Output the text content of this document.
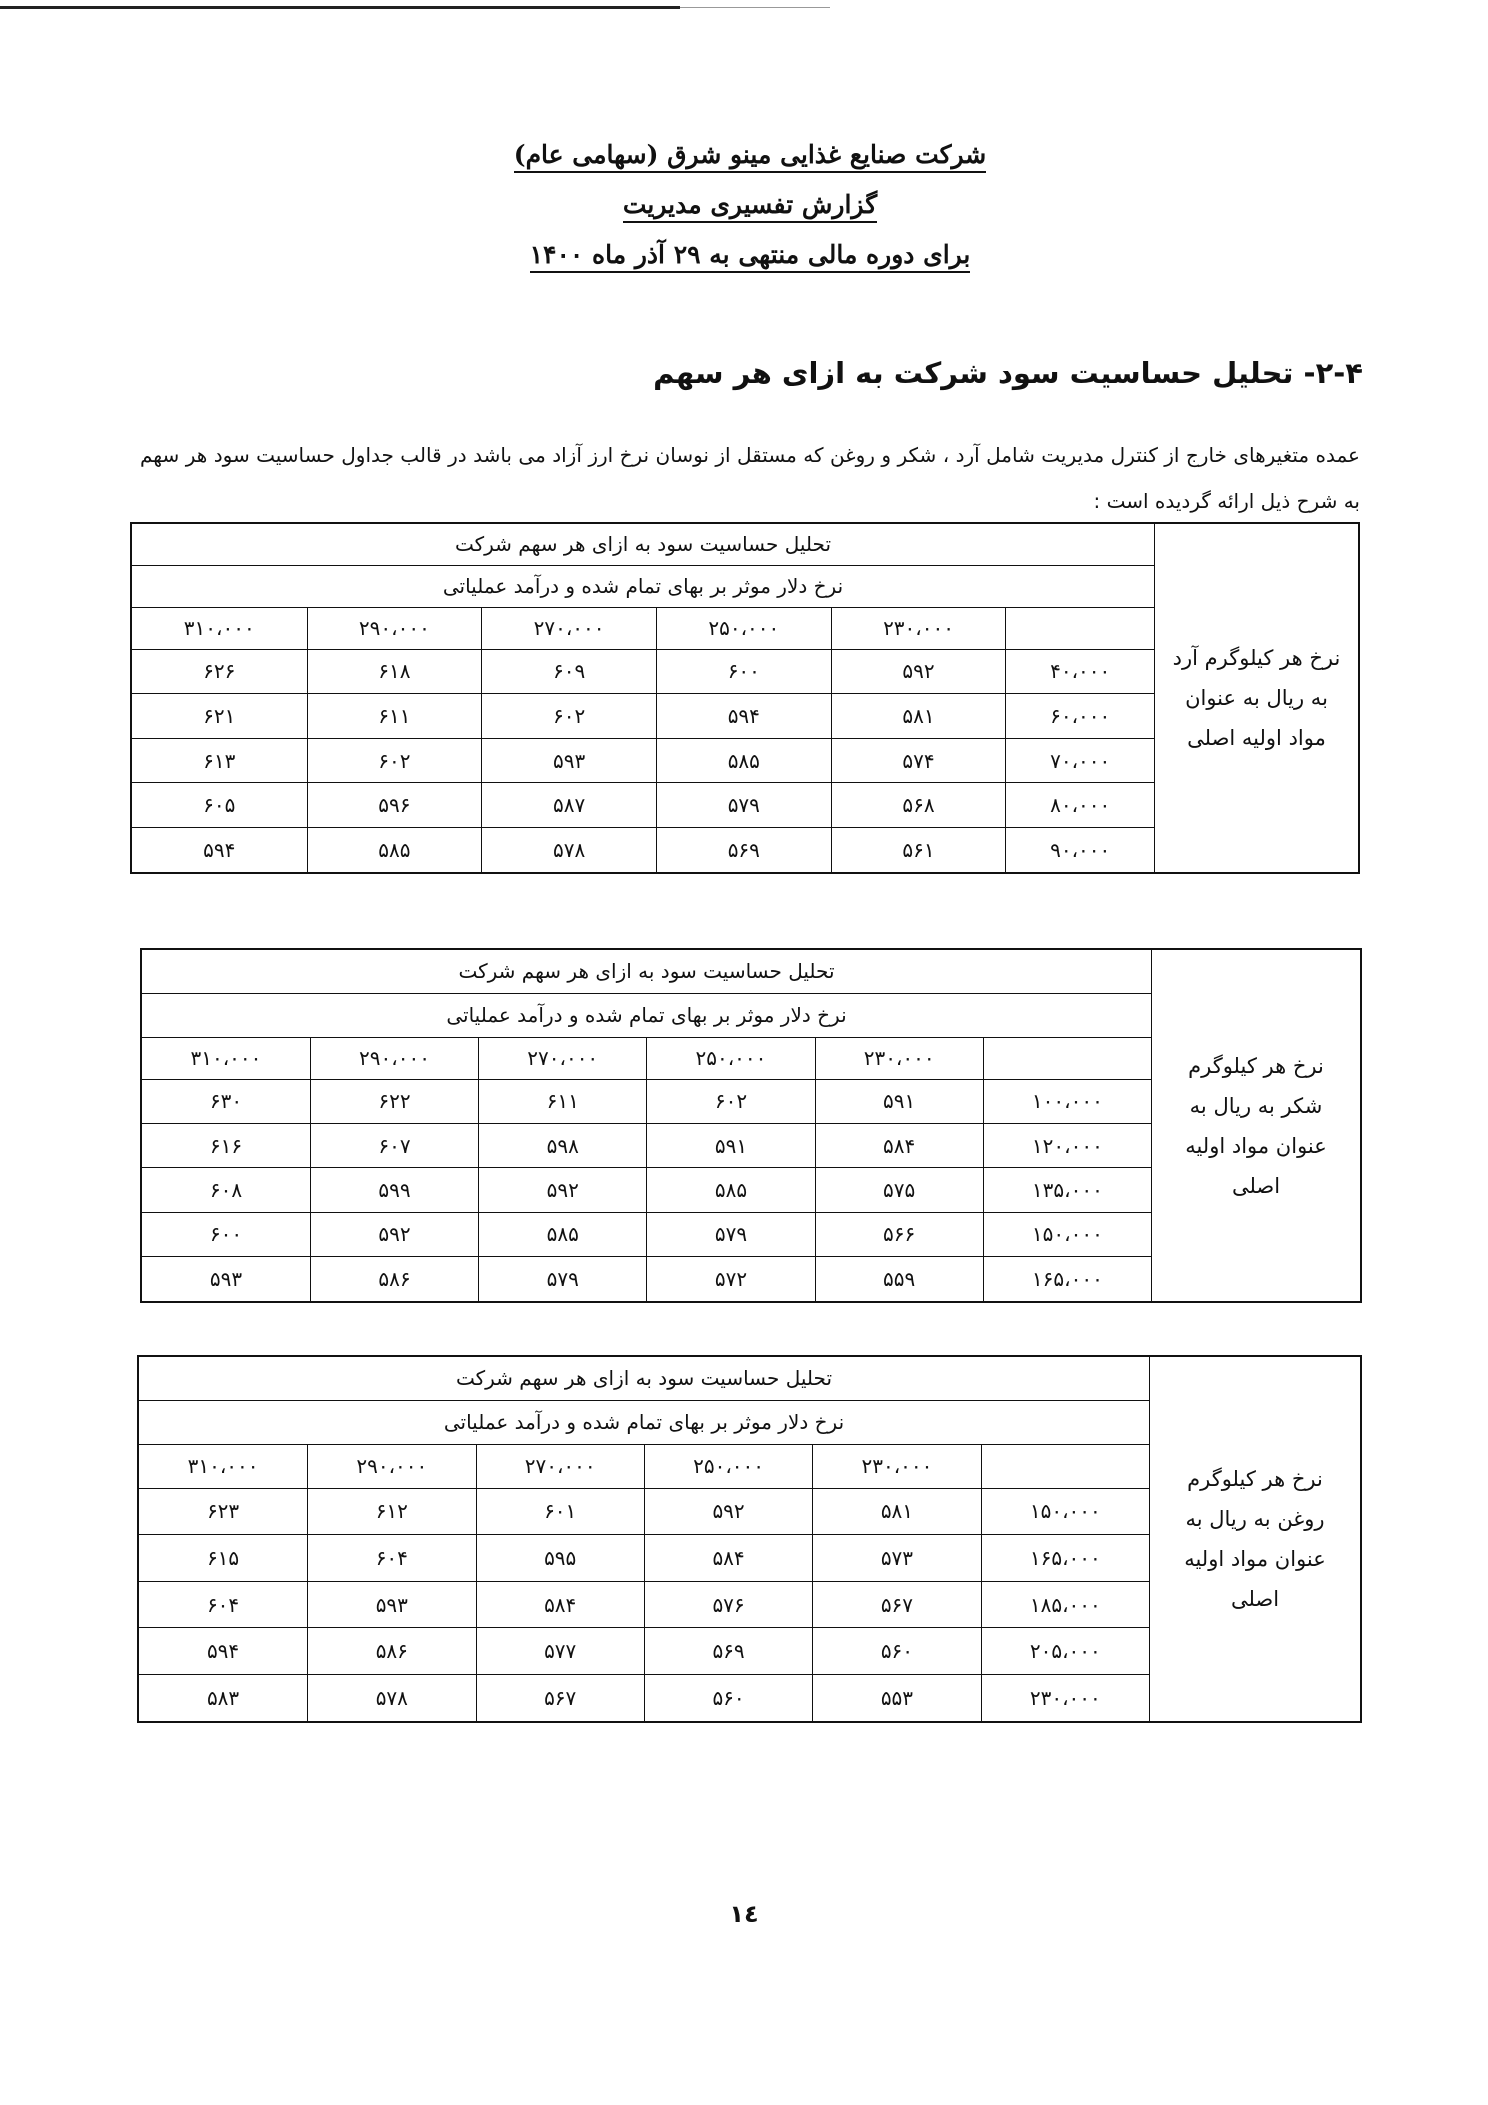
شرکت صنایع غذایی مینو شرق (سهامی عام)
گزارش تفسیری مدیریت
برای دوره مالی منتهی به ۲۹ آذر ماه ۱۴۰۰
۲-۴- تحلیل حساسیت سود شرکت به ازای هر سهم
عمده متغیرهای خارج از کنترل مدیریت شامل آرد ، شکر و روغن که مستقل از نوسان نرخ ارز آزاد می باشد در قالب جداول حساسیت سود هر سهم به شرح ذیل ارائه گردیده است :
نرخ هر کیلوگرم آرد به ریال به عنوان مواد اولیه اصلی	تحلیل حساسیت سود به ازای هر سهم شرکت					
	نرخ دلار موثر بر بهای تمام شده و درآمد عملیاتی					
		۲۳۰،۰۰۰	۲۵۰،۰۰۰	۲۷۰،۰۰۰	۲۹۰،۰۰۰	۳۱۰،۰۰۰
	۴۰،۰۰۰	۵۹۲	۶۰۰	۶۰۹	۶۱۸	۶۲۶
	۶۰،۰۰۰	۵۸۱	۵۹۴	۶۰۲	۶۱۱	۶۲۱
	۷۰،۰۰۰	۵۷۴	۵۸۵	۵۹۳	۶۰۲	۶۱۳
	۸۰،۰۰۰	۵۶۸	۵۷۹	۵۸۷	۵۹۶	۶۰۵
	۹۰،۰۰۰	۵۶۱	۵۶۹	۵۷۸	۵۸۵	۵۹۴
نرخ هر کیلوگرم شکر به ریال به عنوان مواد اولیه اصلی	تحلیل حساسیت سود به ازای هر سهم شرکت					
	نرخ دلار موثر بر بهای تمام شده و درآمد عملیاتی					
		۲۳۰،۰۰۰	۲۵۰،۰۰۰	۲۷۰،۰۰۰	۲۹۰،۰۰۰	۳۱۰،۰۰۰
	۱۰۰،۰۰۰	۵۹۱	۶۰۲	۶۱۱	۶۲۲	۶۳۰
	۱۲۰،۰۰۰	۵۸۴	۵۹۱	۵۹۸	۶۰۷	۶۱۶
	۱۳۵،۰۰۰	۵۷۵	۵۸۵	۵۹۲	۵۹۹	۶۰۸
	۱۵۰،۰۰۰	۵۶۶	۵۷۹	۵۸۵	۵۹۲	۶۰۰
	۱۶۵،۰۰۰	۵۵۹	۵۷۲	۵۷۹	۵۸۶	۵۹۳
نرخ هر کیلوگرم روغن به ریال به عنوان مواد اولیه اصلی	تحلیل حساسیت سود به ازای هر سهم شرکت					
	نرخ دلار موثر بر بهای تمام شده و درآمد عملیاتی					
		۲۳۰،۰۰۰	۲۵۰،۰۰۰	۲۷۰،۰۰۰	۲۹۰،۰۰۰	۳۱۰،۰۰۰
	۱۵۰،۰۰۰	۵۸۱	۵۹۲	۶۰۱	۶۱۲	۶۲۳
	۱۶۵،۰۰۰	۵۷۳	۵۸۴	۵۹۵	۶۰۴	۶۱۵
	۱۸۵،۰۰۰	۵۶۷	۵۷۶	۵۸۴	۵۹۳	۶۰۴
	۲۰۵،۰۰۰	۵۶۰	۵۶۹	۵۷۷	۵۸۶	۵۹۴
	۲۳۰،۰۰۰	۵۵۳	۵۶۰	۵۶۷	۵۷۸	۵۸۳
۱٤
